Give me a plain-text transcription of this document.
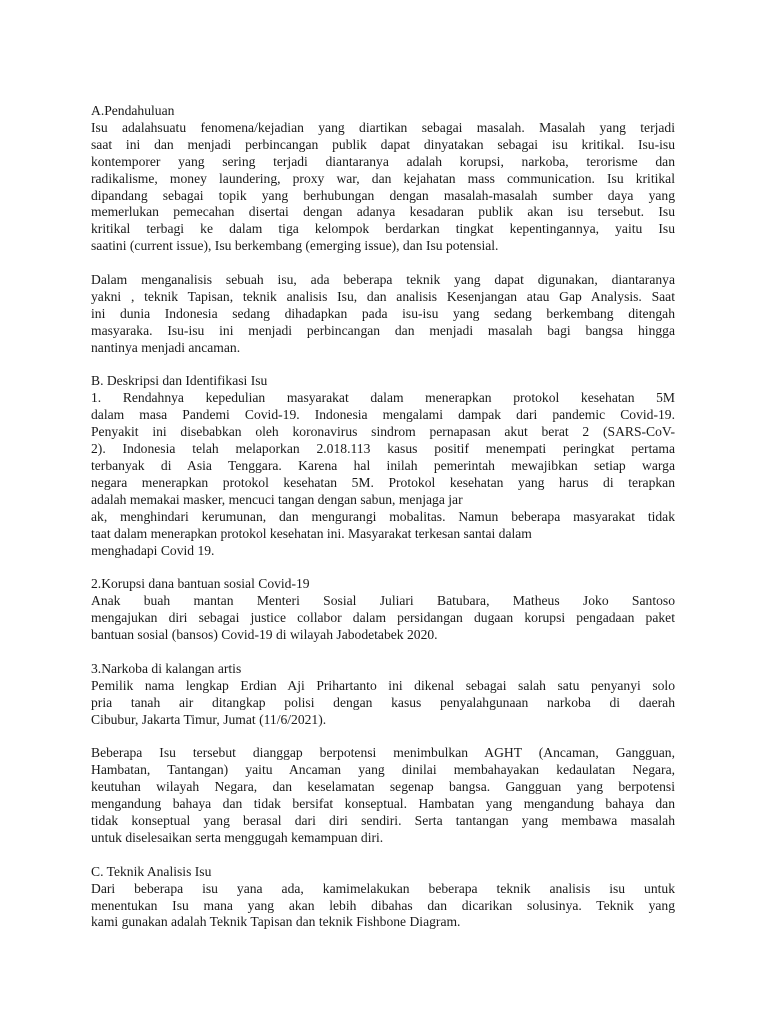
A.Pendahuluan
Isu adalahsuatu fenomena/kejadian yang diartikan sebagai masalah. Masalah yang terjadi
saat ini dan menjadi perbincangan publik dapat dinyatakan sebagai isu kritikal. Isu-isu
kontemporer yang sering terjadi diantaranya adalah korupsi, narkoba, terorisme dan
radikalisme, money laundering, proxy war, dan kejahatan mass communication. Isu kritikal
dipandang sebagai topik yang berhubungan dengan masalah-masalah sumber daya yang
memerlukan pemecahan disertai dengan adanya kesadaran publik akan isu tersebut. Isu
kritikal terbagi ke dalam tiga kelompok berdarkan tingkat kepentingannya, yaitu Isu
saatini (current issue), Isu berkembang (emerging issue), dan Isu potensial.
Dalam menganalisis sebuah isu, ada beberapa teknik yang dapat digunakan, diantaranya
yakni , teknik Tapisan, teknik analisis Isu, dan analisis Kesenjangan atau Gap Analysis. Saat
ini dunia Indonesia sedang dihadapkan pada isu-isu yang sedang berkembang ditengah
masyaraka. Isu-isu ini menjadi perbincangan dan menjadi masalah bagi bangsa hingga
nantinya menjadi ancaman.
B. Deskripsi dan Identifikasi Isu
1. Rendahnya kepedulian masyarakat dalam menerapkan protokol kesehatan 5M
dalam masa Pandemi Covid-19. Indonesia mengalami dampak dari pandemic Covid-19.
Penyakit ini disebabkan oleh koronavirus sindrom pernapasan akut berat 2 (SARS-CoV-
2). Indonesia telah melaporkan 2.018.113 kasus positif menempati peringkat pertama
terbanyak di Asia Tenggara. Karena hal inilah pemerintah mewajibkan setiap warga
negara menerapkan protokol kesehatan 5M. Protokol kesehatan yang harus di terapkan
adalah memakai masker, mencuci tangan dengan sabun, menjaga jar
ak, menghindari kerumunan, dan mengurangi mobalitas. Namun beberapa masyarakat tidak
taat dalam menerapkan protokol kesehatan ini. Masyarakat terkesan santai dalam
menghadapi Covid 19.
2.Korupsi dana bantuan sosial Covid-19
Anak buah mantan Menteri Sosial Juliari Batubara, Matheus Joko Santoso
mengajukan diri sebagai justice collabor dalam persidangan dugaan korupsi pengadaan paket
bantuan sosial (bansos) Covid-19 di wilayah Jabodetabek 2020.
3.Narkoba di kalangan artis
Pemilik nama lengkap Erdian Aji Prihartanto ini dikenal sebagai salah satu penyanyi solo
pria tanah air ditangkap polisi dengan kasus penyalahgunaan narkoba di daerah
Cibubur, Jakarta Timur, Jumat (11/6/2021).
Beberapa Isu tersebut dianggap berpotensi menimbulkan AGHT (Ancaman, Gangguan,
Hambatan, Tantangan) yaitu Ancaman yang dinilai membahayakan kedaulatan Negara,
keutuhan wilayah Negara, dan keselamatan segenap bangsa. Gangguan yang berpotensi
mengandung bahaya dan tidak bersifat konseptual. Hambatan yang mengandung bahaya dan
tidak konseptual yang berasal dari diri sendiri. Serta tantangan yang membawa masalah
untuk diselesaikan serta menggugah kemampuan diri.
C. Teknik Analisis Isu
Dari beberapa isu yana ada, kamimelakukan beberapa teknik analisis isu untuk
menentukan Isu mana yang akan lebih dibahas dan dicarikan solusinya. Teknik yang
kami gunakan adalah Teknik Tapisan dan teknik Fishbone Diagram.
